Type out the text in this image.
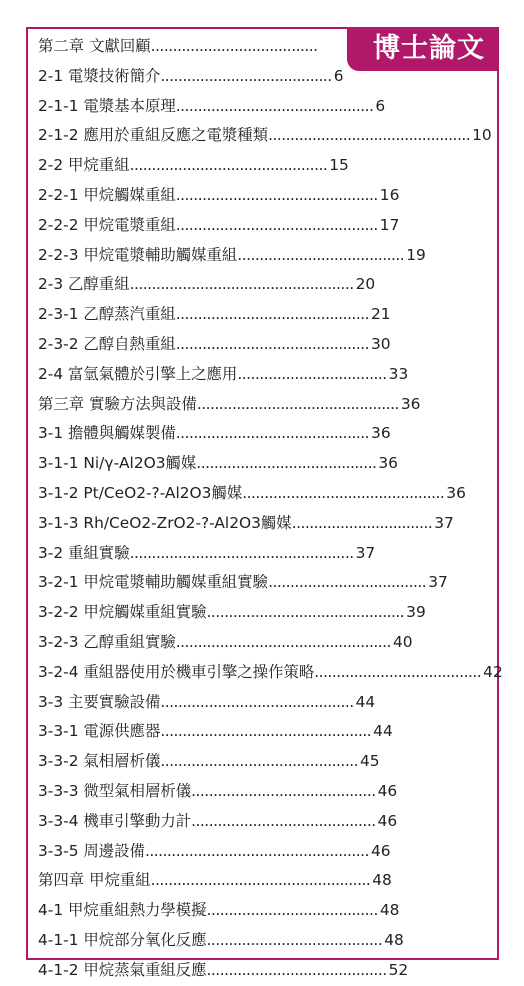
博士論文
第二章 文獻回顧 ......................................
2-1 電漿技術簡介 ....................................... 6
2-1-1 電漿基本原理 ............................................. 6
2-1-2 應用於重組反應之電漿種類 .............................................. 10
2-2 甲烷重組 ............................................. 15
2-2-1 甲烷觸媒重組 .............................................. 16
2-2-2 甲烷電漿重組 .............................................. 17
2-2-3 甲烷電漿輔助觸媒重組 ...................................... 19
2-3 乙醇重組 ................................................... 20
2-3-1 乙醇蒸汽重組 ............................................ 21
2-3-2 乙醇自熱重組 ............................................ 30
2-4 富氫氣體於引擎上之應用 .................................. 33
第三章 實驗方法與設備 .............................................. 36
3-1 擔體與觸媒製備 ............................................ 36
3-1-1 Ni/γ-Al2O3觸媒 ......................................... 36
3-1-2 Pt/CeO2-?-Al2O3觸媒 .............................................. 36
3-1-3 Rh/CeO2-ZrO2-?-Al2O3觸媒 ................................ 37
3-2 重組實驗 ................................................... 37
3-2-1 甲烷電漿輔助觸媒重組實驗 .................................... 37
3-2-2 甲烷觸媒重組實驗 ............................................. 39
3-2-3 乙醇重組實驗 ................................................. 40
3-2-4 重組器使用於機車引擎之操作策略 ...................................... 42
3-3 主要實驗設備 ............................................ 44
3-3-1 電源供應器 ................................................ 44
3-3-2 氣相層析儀 ............................................. 45
3-3-3 微型氣相層析儀 .......................................... 46
3-3-4 機車引擎動力計 .......................................... 46
3-3-5 周邊設備 ................................................... 46
第四章 甲烷重組 .................................................. 48
4-1 甲烷重組熱力學模擬 ....................................... 48
4-1-1 甲烷部分氧化反應 ........................................ 48
4-1-2 甲烷蒸氣重組反應 ......................................... 52
